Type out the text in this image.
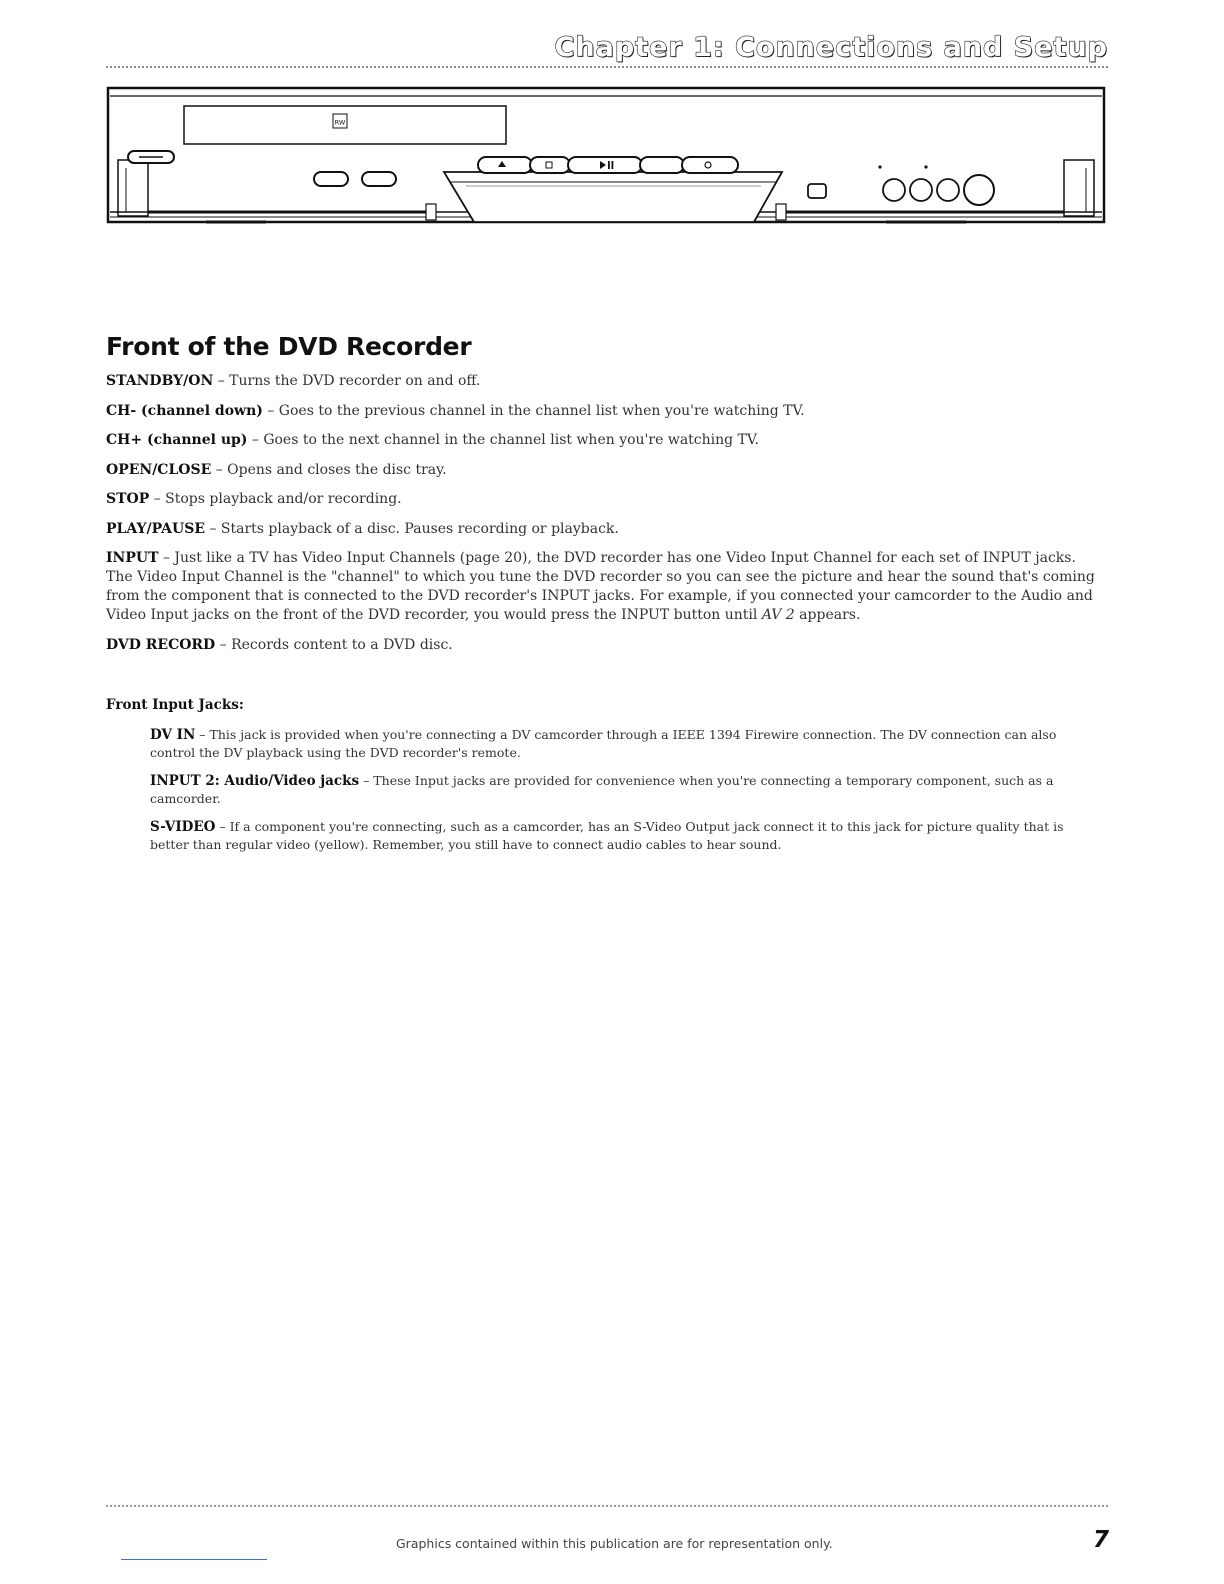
Chapter 1: Connections and Setup
RW
Front of the DVD Recorder

STANDBY/ON – Turns the DVD recorder on and off.

CH- (channel down) – Goes to the previous channel in the channel list when you're watching TV.

CH+ (channel up) – Goes to the next channel in the channel list when you're watching TV.

OPEN/CLOSE – Opens and closes the disc tray.

STOP – Stops playback and/or recording.

PLAY/PAUSE – Starts playback of a disc. Pauses recording or playback.

INPUT – Just like a TV has Video Input Channels (page 20), the DVD recorder has one Video Input Channel for each set of INPUT jacks. The Video Input Channel is the "channel" to which you tune the DVD recorder so you can see the picture and hear the sound that's coming from the component that is connected to the DVD recorder's INPUT jacks. For example, if you connected your camcorder to the Audio and Video Input jacks on the front of the DVD recorder, you would press the INPUT button until AV 2 appears.

DVD RECORD – Records content to a DVD disc.

Front Input Jacks:

DV IN – This jack is provided when you're connecting a DV camcorder through a IEEE 1394 Firewire connection. The DV connection can also control the DV playback using the DVD recorder's remote.

INPUT 2: Audio/Video jacks – These Input jacks are provided for convenience when you're connecting a temporary component, such as a camcorder.

S-VIDEO – If a component you're connecting, such as a camcorder, has an S-Video Output jack connect it to this jack for picture quality that is better than regular video (yellow). Remember, you still have to connect audio cables to hear sound.

Graphics contained within this publication are for representation only.	7
